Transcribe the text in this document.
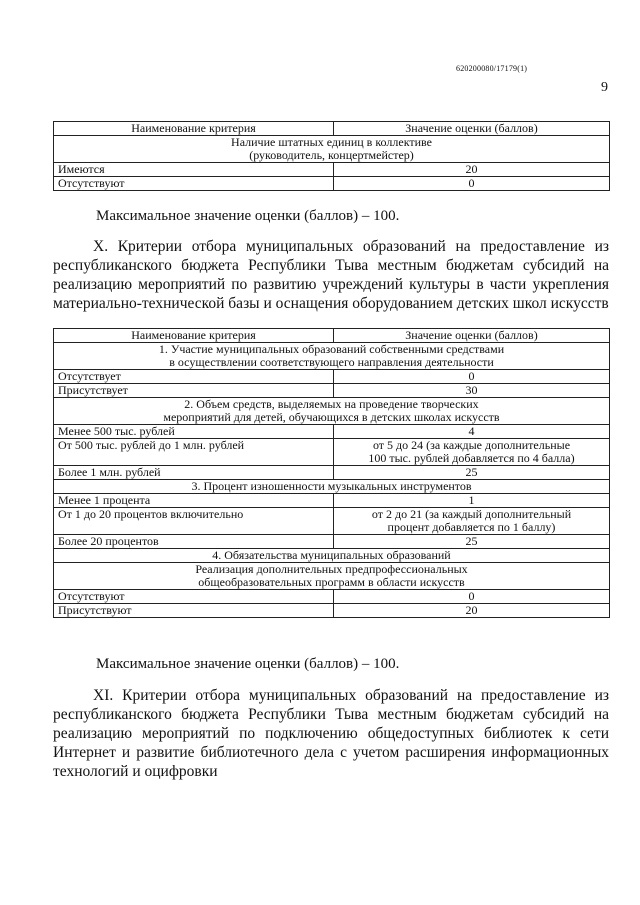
620200080/17179(1)
9
Наименование критерия	Значение оценки (баллов)

Наличие штатных единиц в коллективе
(руководитель, концертмейстер)	

Имеются	20
Отсутствуют	0
Максимальное значение оценки (баллов) – 100.

X. Критерии отбора муниципальных образований на предоставление из республиканского бюджета Республики Тыва местным бюджетам субсидий на реализацию мероприятий по развитию учреждений культуры в части укрепления материально-технической базы и оснащения оборудованием детских школ искусств

Наименование критерия	Значение оценки (баллов)

1. Участие муниципальных образований собственными средствами
в осуществлении соответствующего направления деятельности	

Отсутствует	0
Присутствует	30

2. Объем средств, выделяемых на проведение творческих
мероприятий для детей, обучающихся в детских школах искусств	

Менее 500 тыс. рублей	4
От 500 тыс. рублей до 1 млн. рублей	от 5 до 24 (за каждые дополнительные
100 тыс. рублей добавляется по 4 балла)

Более 1 млн. рублей	25
3. Процент изношенности музыкальных инструментов	
Менее 1 процента	1
От 1 до 20 процентов включительно	от 2 до 21 (за каждый дополнительный
процент добавляется по 1 баллу)

Более 20 процентов	25
4. Обязательства муниципальных образований	

Реализация дополнительных предпрофессиональных
общеобразовательных программ в области искусств	

Отсутствуют	0
Присутствуют	20
Максимальное значение оценки (баллов) – 100.

XI. Критерии отбора муниципальных образований на предоставление из республиканского бюджета Республики Тыва местным бюджетам субсидий на реализацию мероприятий по подключению общедоступных библиотек к сети Интернет и развитие библиотечного дела с учетом расширения информационных технологий и оцифровки
